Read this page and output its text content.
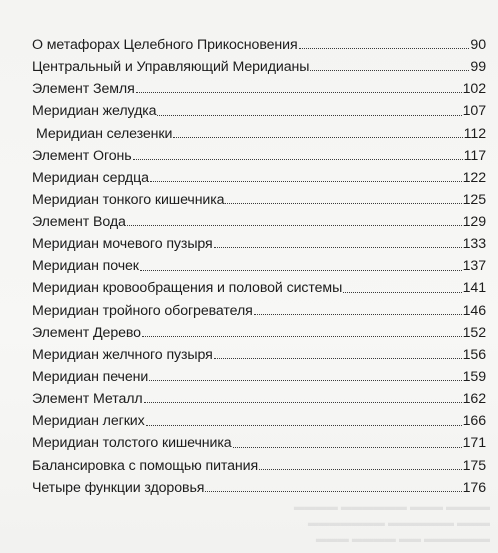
▬▬▬▬ ▬▬▬ ▬▬▬▬▬▬ ▬▬▬▬
▬▬▬ ▬▬▬▬▬▬ ▬▬▬▬▬▬▬
▬▬▬▬▬▬ ▬▬ ▬▬▬▬ ▬▬▬
О метафорах Целебного Прикосновения	90
Центральный и Управляющий Меридианы	99
Элемент Земля	102
Меридиан желудка	107
Меридиан селезенки	112
Элемент Огонь	117
Меридиан сердца	122
Меридиан тонкого кишечника	125
Элемент Вода	129
Меридиан мочевого пузыря	133
Меридиан почек	137
Меридиан кровообращения и половой системы	141
Меридиан тройного обогревателя	146
Элемент Дерево	152
Меридиан желчного пузыря	156
Меридиан печени	159
Элемент Металл	162
Меридиан легких	166
Меридиан толстого кишечника	171
Балансировка с помощью питания	175
Четыре функции здоровья	176
